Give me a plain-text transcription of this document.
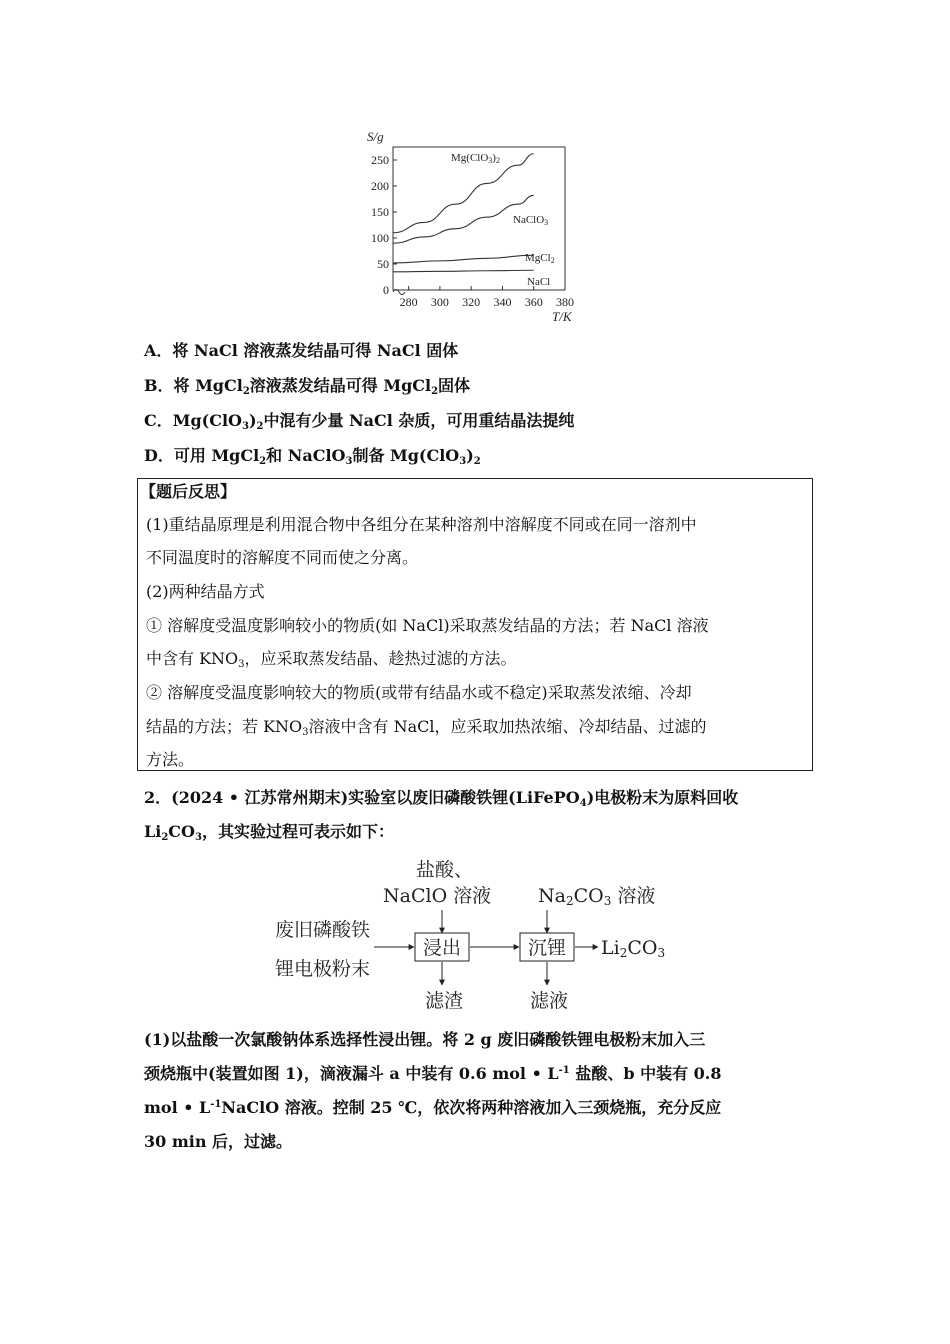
S/g
250
200
150
100
50
0
280 300 320 340 360 380
Mg(ClO3)2
NaClO3
MgCl2
NaCl
T/K
A．将 NaCl 溶液蒸发结晶可得 NaCl 固体
B．将 MgCl$_2$溶液蒸发结晶可得 MgCl$_2$固体
C．$Mg(ClO_3)_2$中混有少量 NaCl 杂质，可用重结晶法提纯
D．可用 MgCl$_2$和 NaClO$_3$制备 $Mg(ClO_3)_2$
【题后反思】
(1)重结晶原理是利用混合物中各组分在某种溶剂中溶解度不同或在同一溶剂中
不同温度时的溶解度不同而使之分离。
(2)两种结晶方式
① 溶解度受温度影响较小的物质(如 NaCl)采取蒸发结晶的方法；若 NaCl 溶液
中含有 $KNO_3$，应采取蒸发结晶、趁热过滤的方法。
② 溶解度受温度影响较大的物质(或带有结晶水或不稳定)采取蒸发浓缩、冷却
结晶的方法；若 $KNO_3$溶液中含有 NaCl，应采取加热浓缩、冷却结晶、过滤的
方法。
2．(2024 • 江苏常州期末)实验室以废旧磷酸铁锂(LiFePO$_4$)电极粉末为原料回收
$Li_2CO_3$，其实验过程可表示如下：
盐酸、
NaClO 溶液 Na2CO3 溶液
废旧磷酸铁
锂电极粉末
浸出	沉锂 Li2CO3
滤渣	滤液
(1)以盐酸一次氯酸钠体系选择性浸出锂。将 2 g 废旧磷酸铁锂电极粉末加入三
颈烧瓶中(装置如图 1)，滴液漏斗 a 中装有 0.6 mol • $L^{-1}$ 盐酸、b 中装有 0.8
mol • $L^{-1}NaClO$ 溶液。控制 25 ℃，依次将两种溶液加入三颈烧瓶，充分反应
30 min 后，过滤。
